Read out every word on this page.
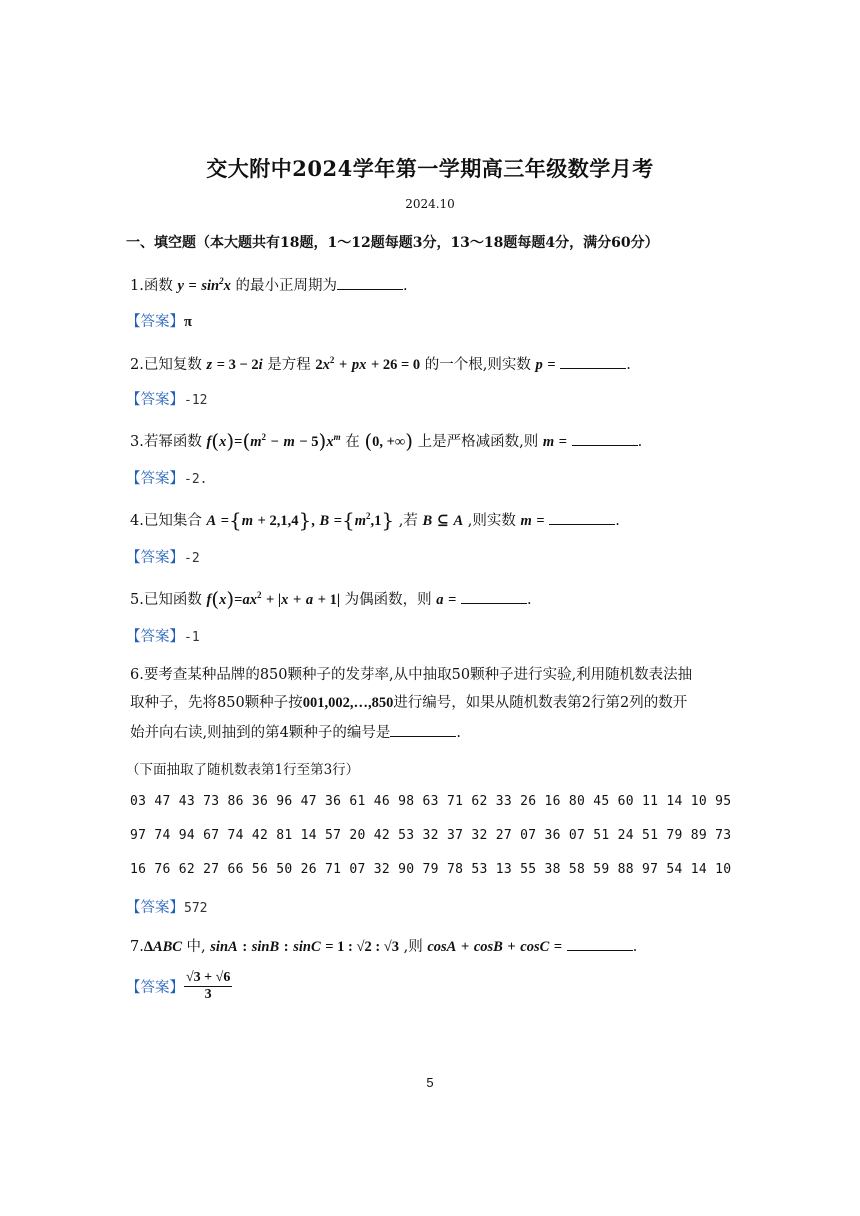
交大附中2024学年第一学期高三年级数学月考
2024.10
一、填空题（本大题共有18题，1～12题每题3分，13～18题每题4分，满分60分）
1.函数 $y = \sin^2x$ 的最小正周期为	.
【答案】π
2.已知复数 z = 3 − 2i 是方程 $2x^2$ + px + 26 = 0 的一个根,则实数 p =	.
【答案】-12
3.若幂函数 $f(x)=(m^2 - m - 5)x^m$ 在 (0, +∞) 上是严格减函数,则 m =	.
【答案】-2.
4.已知集合 A ={m + 2,1,4}, $B =\{m^2,1\}$ ,若 B ⊆ A ,则实数 m =	.
【答案】-2
5.已知函数 $f(x)=ax^2 + |x + a + 1|$ 为偶函数，则 a =	.
【答案】-1
6.要考查某种品牌的850颗种子的发芽率,从中抽取50颗种子进行实验,利用随机数表法抽
取种子，先将850颗种子按001,002,…,850进行编号，如果从随机数表第2行第2列的数开
始并向右读,则抽到的第4颗种子的编号是	.
（下面抽取了随机数表第1行至第3行）
03 47 43 73 86 36 96 47 36 61 46 98 63 71 62 33 26 16 80 45 60 11 14 10 95
97 74 94 67 74 42 81 14 57 20 42 53 32 37 32 27 07 36 07 51 24 51 79 89 73
16 76 62 27 66 56 50 26 71 07 32 90 79 78 53 13 55 38 58 59 88 97 54 14 10
【答案】572
7.ΔABC 中, sinA : sinB : sinC = 1 : √2 : √3 ,则 cosA + cosB + cosC =	.
【答案】 $\frac{√3 + √6}{3}$
5
